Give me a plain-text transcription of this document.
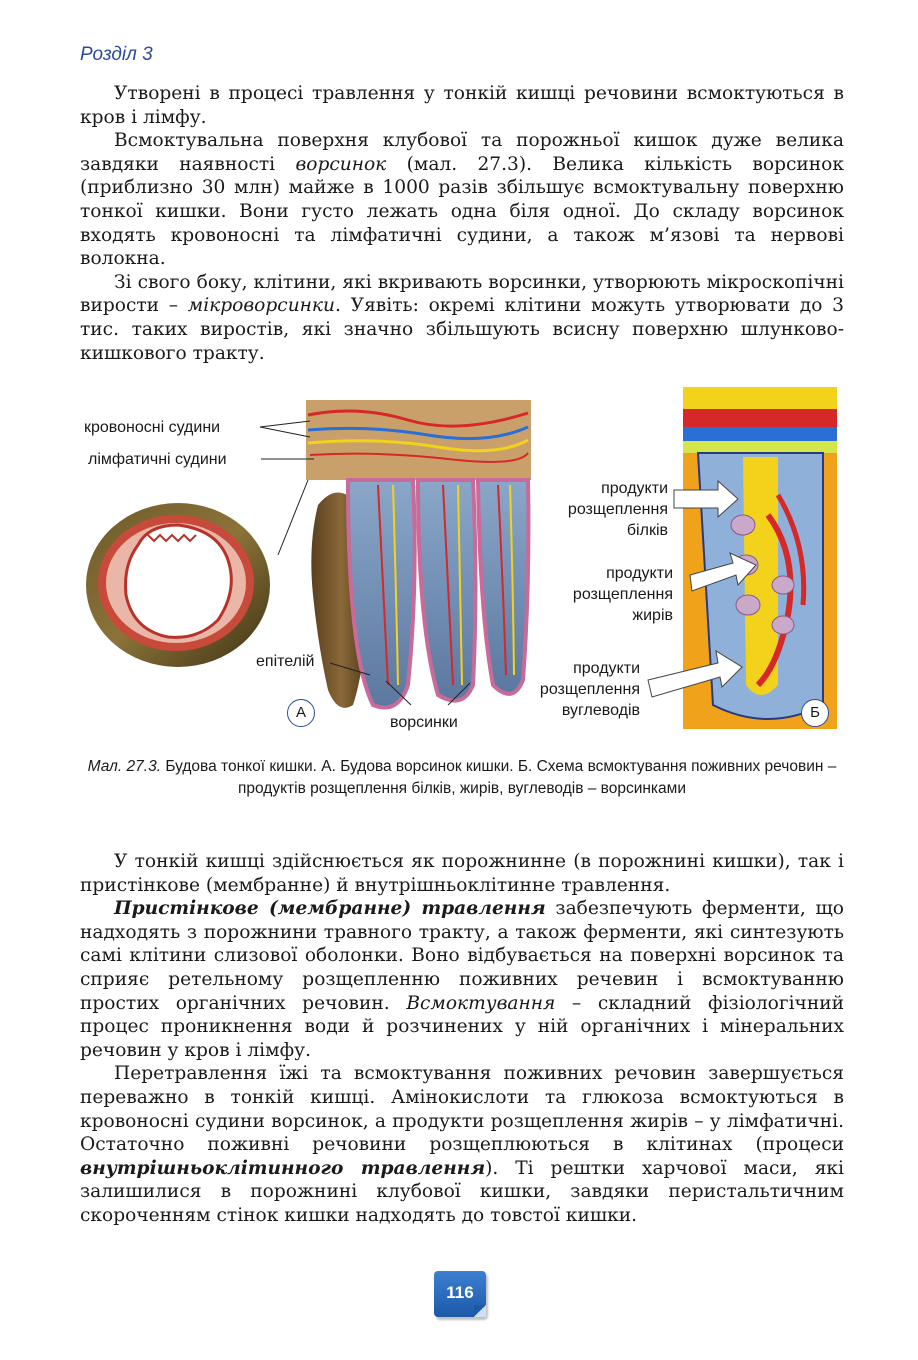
Розділ 3

Утворені в процесі травлення у тонкій кишці речовини всмоктуються в кров і лімфу.

Всмоктувальна поверхня клубової та порожньої кишок дуже велика завдяки наявності ворсинок (мал. 27.3). Велика кількість ворсинок (приблизно 30 млн) майже в 1000 разів збільшує всмоктувальну поверхню тонкої кишки. Вони густо лежать одна біля одної. До складу ворсинок входять кровоносні та лімфатичні судини, а також м’язові та нервові волокна.

Зі свого боку, клітини, які вкривають ворсинки, утворюють мікроскопічні вирости – мікроворсинки. Уявіть: окремі клітини можуть утворювати до 3 тис. таких виростів, які значно збільшують всисну поверхню шлунково-кишкового тракту.

кровоносні судини
лімфатичні судини
епітелій
ворсинки
продукти
розщеплення
білків
продукти
розщеплення
жирів
продукти
розщеплення
вуглеводів
А	Б
Мал. 27.3. Будова тонкої кишки. А. Будова ворсинок кишки. Б. Схема всмоктування поживних речовин – продуктів розщеплення білків, жирів, вуглеводів – ворсинками

У тонкій кишці здійснюється як порожнинне (в порожнині кишки), так і пристінкове (мембранне) й внутрішньоклітинне травлення.

Пристінкове (мембранне) травлення забезпечують ферменти, що надходять з порожнини травного тракту, а також ферменти, які синтезують самі клітини слизової оболонки. Воно відбувається на поверхні ворсинок та сприяє ретельному розщепленню поживних речевин і всмоктуванню простих органічних речовин. Всмоктування – складний фізіологічний процес проникнення води й розчинених у ній органічних і мінеральних речовин у кров і лімфу.

Перетравлення їжі та всмоктування поживних речовин завершується переважно в тонкій кишці. Амінокислоти та глюкоза всмоктуються в кровоносні судини ворсинок, а продукти розщеплення жирів – у лімфатичні. Остаточно поживні речовини розщеплюються в клітинах (процеси внутрішньоклітинного травлення). Ті рештки харчової маси, які залишилися в порожнині клубової кишки, завдяки перистальтичним скороченням стінок кишки надходять до товстої кишки.

116
